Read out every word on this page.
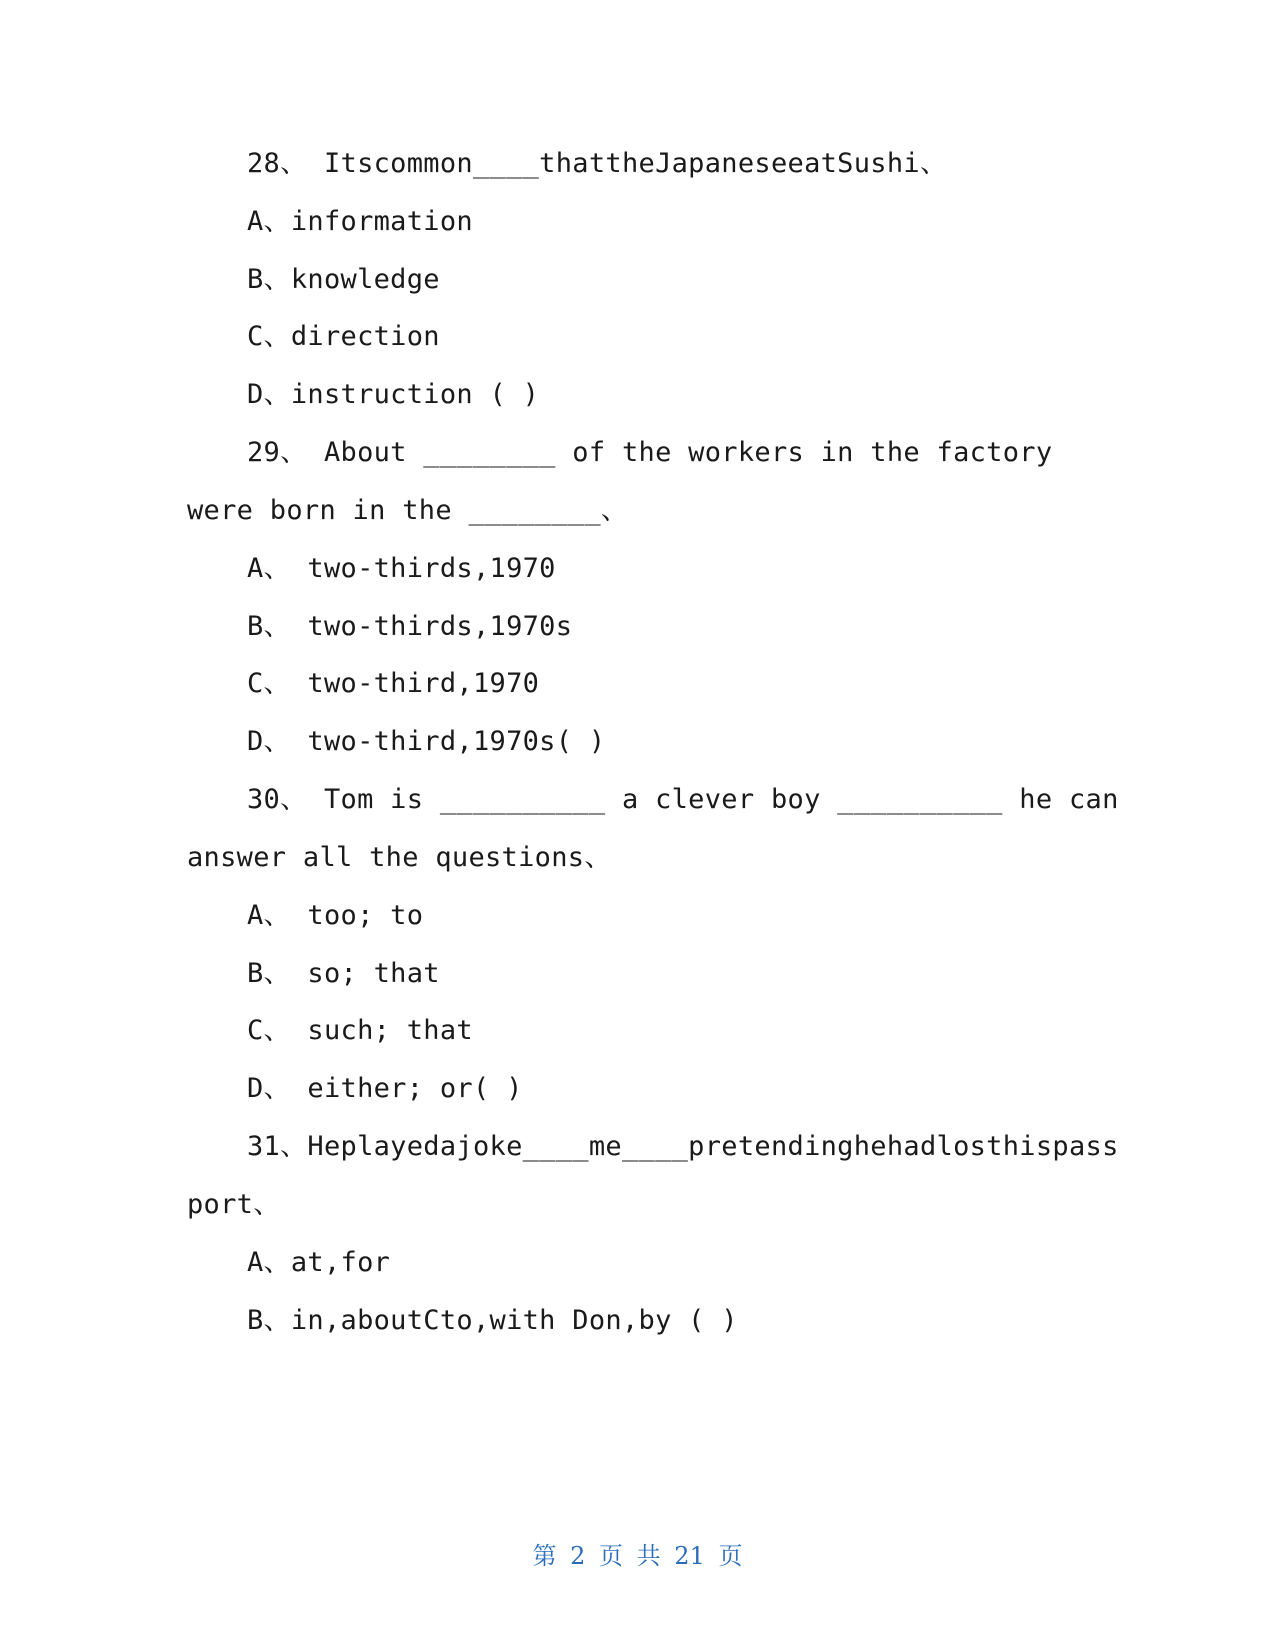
28、 Itscommon____thattheJapaneseeatSushi、
A、information
B、knowledge
C、direction
D、instruction ( )
29、 About ________ of the workers in the factory
were born in the ________、
A、 two-thirds,1970
B、 two-thirds,1970s
C、 two-third,1970
D、 two-third,1970s( )
30、 Tom is __________ a clever boy __________ he can
answer all the questions、
A、 too; to
B、 so; that
C、 such; that
D、 either; or( )
31、Heplayedajoke____me____pretendinghehadlosthispass
port、
A、at,for
B、in,aboutCto,with Don,by ( )
第 2 页 共 21 页
